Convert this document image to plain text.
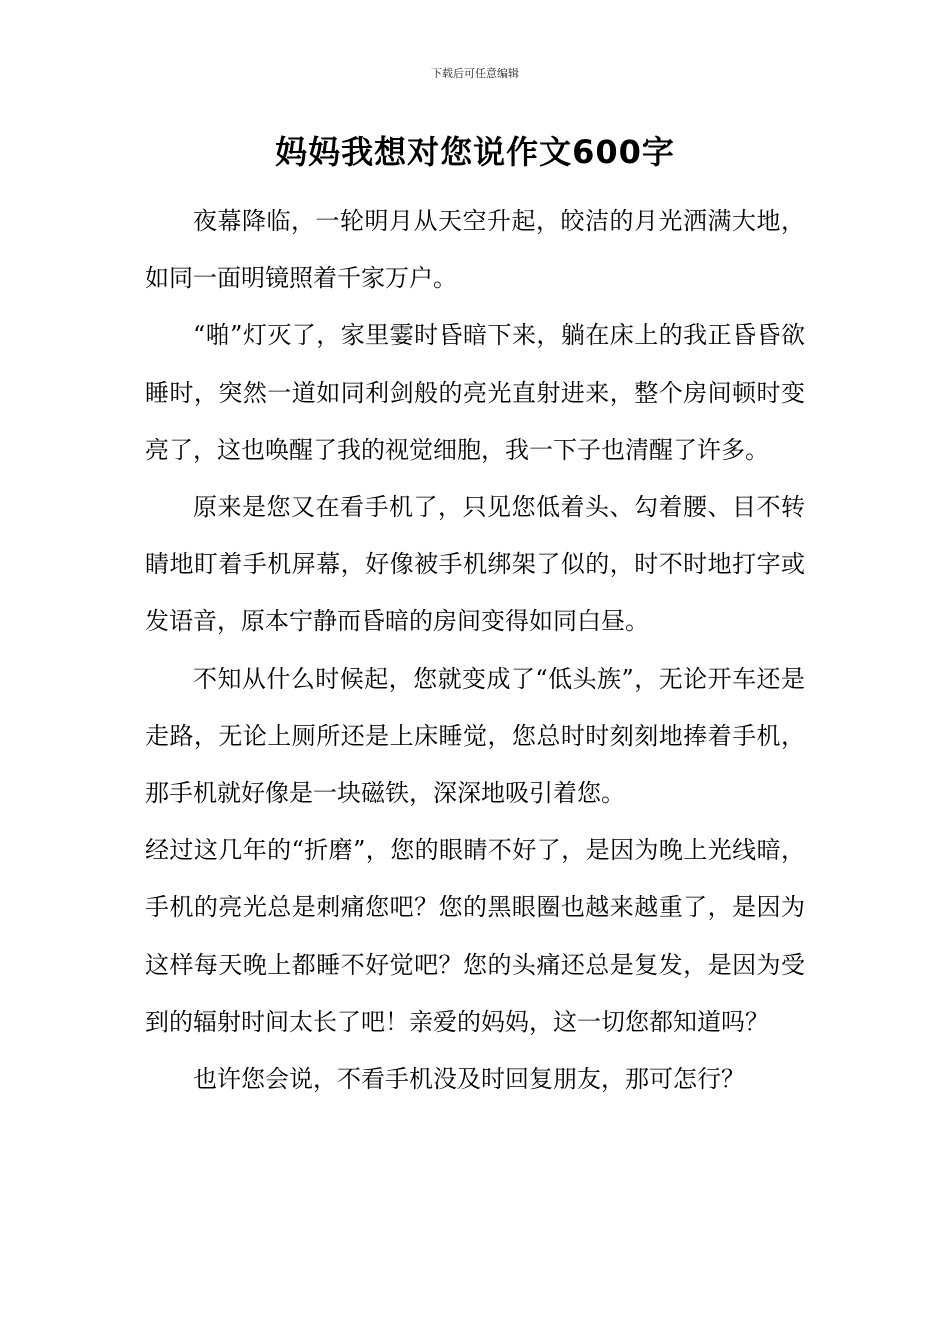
下载后可任意编辑
妈妈我想对您说作文600字

夜幕降临，一轮明月从天空升起，皎洁的月光洒满大地，如同一面明镜照着千家万户。

“啪”灯灭了，家里霎时昏暗下来，躺在床上的我正昏昏欲睡时，突然一道如同利剑般的亮光直射进来，整个房间顿时变亮了，这也唤醒了我的视觉细胞，我一下子也清醒了许多。

原来是您又在看手机了，只见您低着头、勾着腰、目不转睛地盯着手机屏幕，好像被手机绑架了似的，时不时地打字或发语音，原本宁静而昏暗的房间变得如同白昼。

不知从什么时候起，您就变成了“低头族”，无论开车还是走路，无论上厕所还是上床睡觉，您总时时刻刻地捧着手机，那手机就好像是一块磁铁，深深地吸引着您。

经过这几年的“折磨”，您的眼睛不好了，是因为晚上光线暗，手机的亮光总是刺痛您吧？您的黑眼圈也越来越重了，是因为这样每天晚上都睡不好觉吧？您的头痛还总是复发，是因为受到的辐射时间太长了吧！亲爱的妈妈，这一切您都知道吗？

也许您会说，不看手机没及时回复朋友，那可怎行？
